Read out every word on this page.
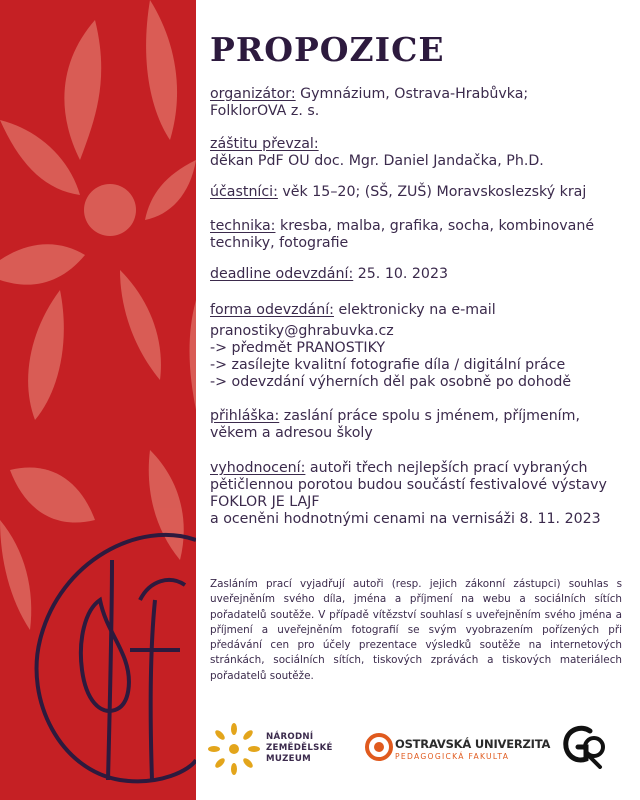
PROPOZICE
organizátor: Gymnázium, Ostrava-Hrabůvka;
FolklorOVA z. s.
záštitu převzal:
děkan PdF OU doc. Mgr. Daniel Jandačka, Ph.D.
účastníci: věk 15–20; (SŠ, ZUŠ) Moravskoslezský kraj
technika: kresba, malba, grafika, socha, kombinované
techniky, fotografie
deadline odevzdání: 25. 10. 2023
forma odevzdání: elektronicky na e-mail
pranostiky@ghrabuvka.cz
-> předmět PRANOSTIKY
-> zasílejte kvalitní fotografie díla / digitální práce
-> odevzdání výherních děl pak osobně po dohodě
přihláška: zaslání práce spolu s jménem, příjmením,
věkem a adresou školy
vyhodnocení: autoři třech nejlepších prací vybraných
pětičlennou porotou budou součástí festivalové výstavy
FOKLOR JE LAJF
a oceněni hodnotnými cenami na vernisáži 8. 11. 2023
Zasláním prací vyjadřují autoři (resp. jejich zákonní zástupci) souhlas s uveřejněním svého díla, jména a příjmení na webu a sociálních sítích pořadatelů soutěže. V případě vítězství souhlasí s uveřejněním svého jména a příjmení a uveřejněním fotografií se svým vyobrazením pořízených při předávání cen pro účely prezentace výsledků soutěže na internetových stránkách, sociálních sítích, tiskových zprávách a tiskových materiálech pořadatelů soutěže.
NÁRODNÍ
ZEMĚDĚLSKÉ
MUZEUM
OSTRAVSKÁ UNIVERZITA
PEDAGOGICKÁ FAKULTA
